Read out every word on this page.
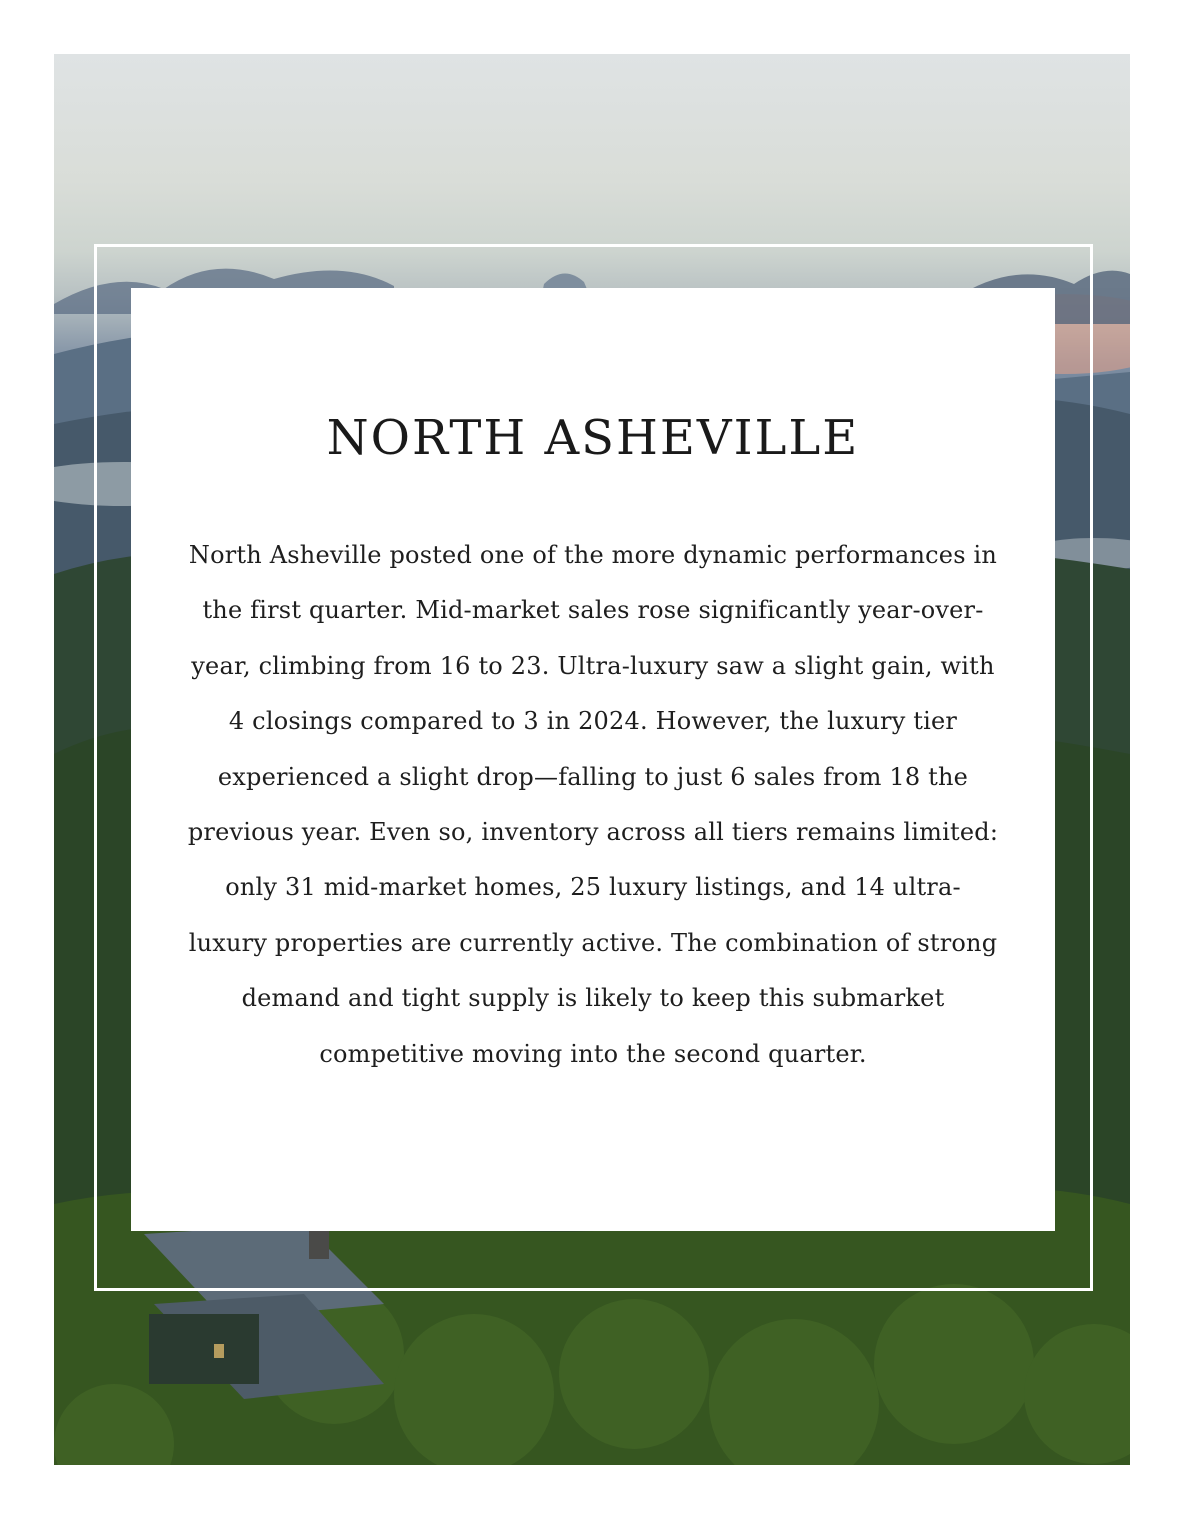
NORTH ASHEVILLE

North Asheville posted one of the more dynamic performances in the first quarter. Mid-market sales rose significantly year-over-year, climbing from 16 to 23. Ultra-luxury saw a slight gain, with 4 closings compared to 3 in 2024. However, the luxury tier experienced a slight drop—falling to just 6 sales from 18 the previous year. Even so, inventory across all tiers remains limited: only 31 mid-market homes, 25 luxury listings, and 14 ultra-luxury properties are currently active. The combination of strong demand and tight supply is likely to keep this submarket competitive moving into the second quarter.
